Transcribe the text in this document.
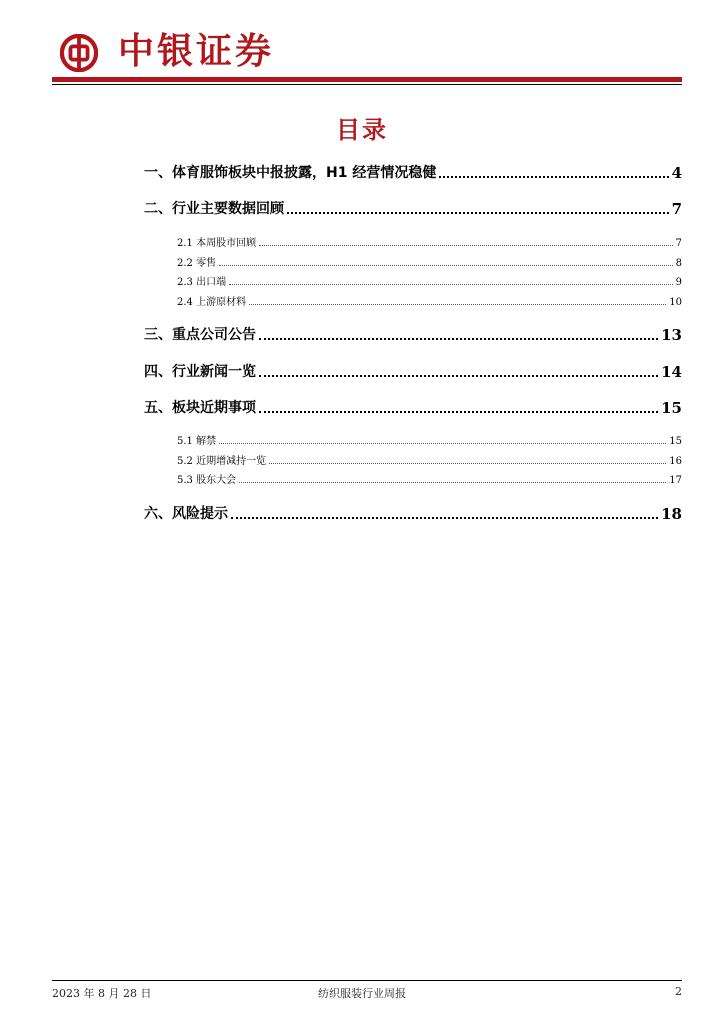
中银证券
目录
一、体育服饰板块中报披露，H1 经营情况稳健	4
二、行业主要数据回顾	7
2.1 本周股市回顾	7
2.2 零售	8
2.3 出口端	9
2.4 上游原材料	10
三、重点公司公告	13
四、行业新闻一览	14
五、板块近期事项	15
5.1 解禁	15
5.2 近期增减持一览	16
5.3 股东大会	17
六、风险提示	18
2023 年 8 月 28 日	纺织服装行业周报	2
